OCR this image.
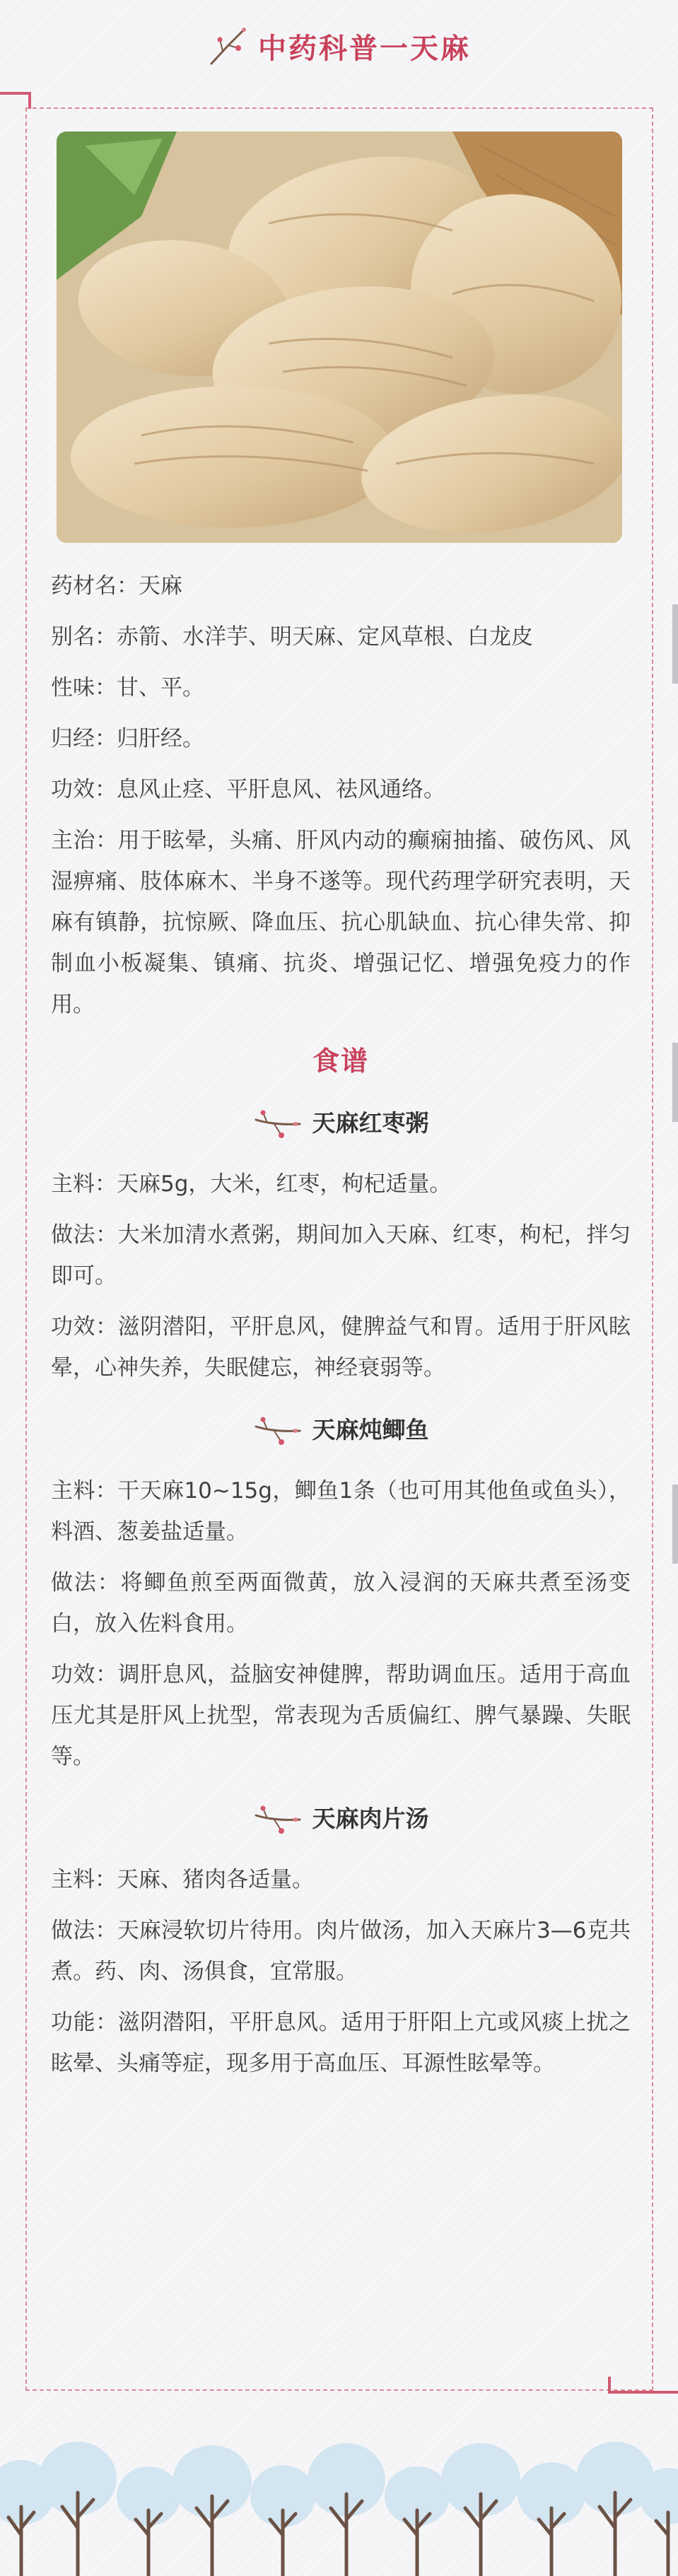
中药科普一天麻

药材名：天麻

别名：赤箭、水洋芋、明天麻、定风草根、白龙皮

性味：甘、平。

归经：归肝经。

功效：息风止痉、平肝息风、祛风通络。

主治：用于眩晕，头痛、肝风内动的癫痫抽搐、破伤风、风湿痹痛、肢体麻木、半身不遂等。现代药理学研究表明，天麻有镇静，抗惊厥、降血压、抗心肌缺血、抗心律失常、抑制血小板凝集、镇痛、抗炎、增强记忆、增强免疫力的作用。

食谱
天麻红枣粥

主料：天麻5g，大米，红枣，枸杞适量。

做法：大米加清水煮粥，期间加入天麻、红枣，枸杞，拌匀即可。

功效：滋阴潜阳，平肝息风，健脾益气和胃。适用于肝风眩晕，心神失养，失眠健忘，神经衰弱等。

天麻炖鲫鱼

主料：干天麻10~15g，鲫鱼1条（也可用其他鱼或鱼头），料酒、葱姜盐适量。

做法：将鲫鱼煎至两面微黄，放入浸润的天麻共煮至汤变白，放入佐料食用。

功效：调肝息风，益脑安神健脾，帮助调血压。适用于高血压尤其是肝风上扰型，常表现为舌质偏红、脾气暴躁、失眠等。

天麻肉片汤

主料：天麻、猪肉各适量。

做法：天麻浸软切片待用。肉片做汤，加入天麻片3—6克共煮。药、肉、汤俱食，宜常服。

功能：滋阴潜阳，平肝息风。适用于肝阳上亢或风痰上扰之眩晕、头痛等症，现多用于高血压、耳源性眩晕等。
